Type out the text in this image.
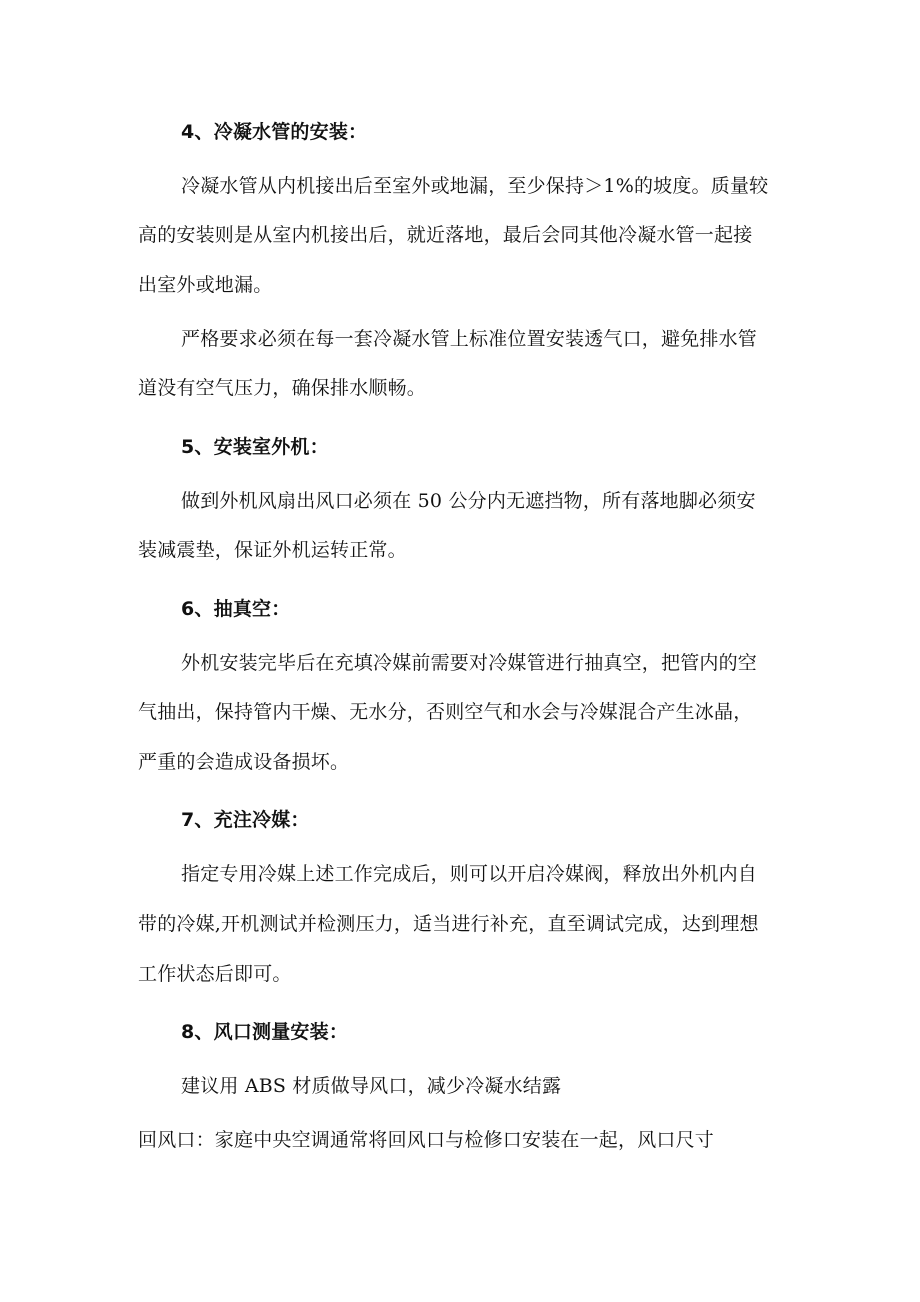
4、冷凝水管的安装：
冷凝水管从内机接出后至室外或地漏，至少保持＞1%的坡度。质量较
高的安装则是从室内机接出后，就近落地，最后会同其他冷凝水管一起接
出室外或地漏。
严格要求必须在每一套冷凝水管上标准位置安装透气口，避免排水管
道没有空气压力，确保排水顺畅。
5、安装室外机：
做到外机风扇出风口必须在 50 公分内无遮挡物，所有落地脚必须安
装减震垫，保证外机运转正常。
6、抽真空：
外机安装完毕后在充填冷媒前需要对冷媒管进行抽真空，把管内的空
气抽出，保持管内干燥、无水分，否则空气和水会与冷媒混合产生冰晶，
严重的会造成设备损坏。
7、充注冷媒：
指定专用冷媒上述工作完成后，则可以开启冷媒阀，释放出外机内自
带的冷媒,开机测试并检测压力，适当进行补充，直至调试完成，达到理想
工作状态后即可。
8、风口测量安装：
建议用 ABS 材质做导风口，减少冷凝水结露
回风口：家庭中央空调通常将回风口与检修口安装在一起，风口尺寸
